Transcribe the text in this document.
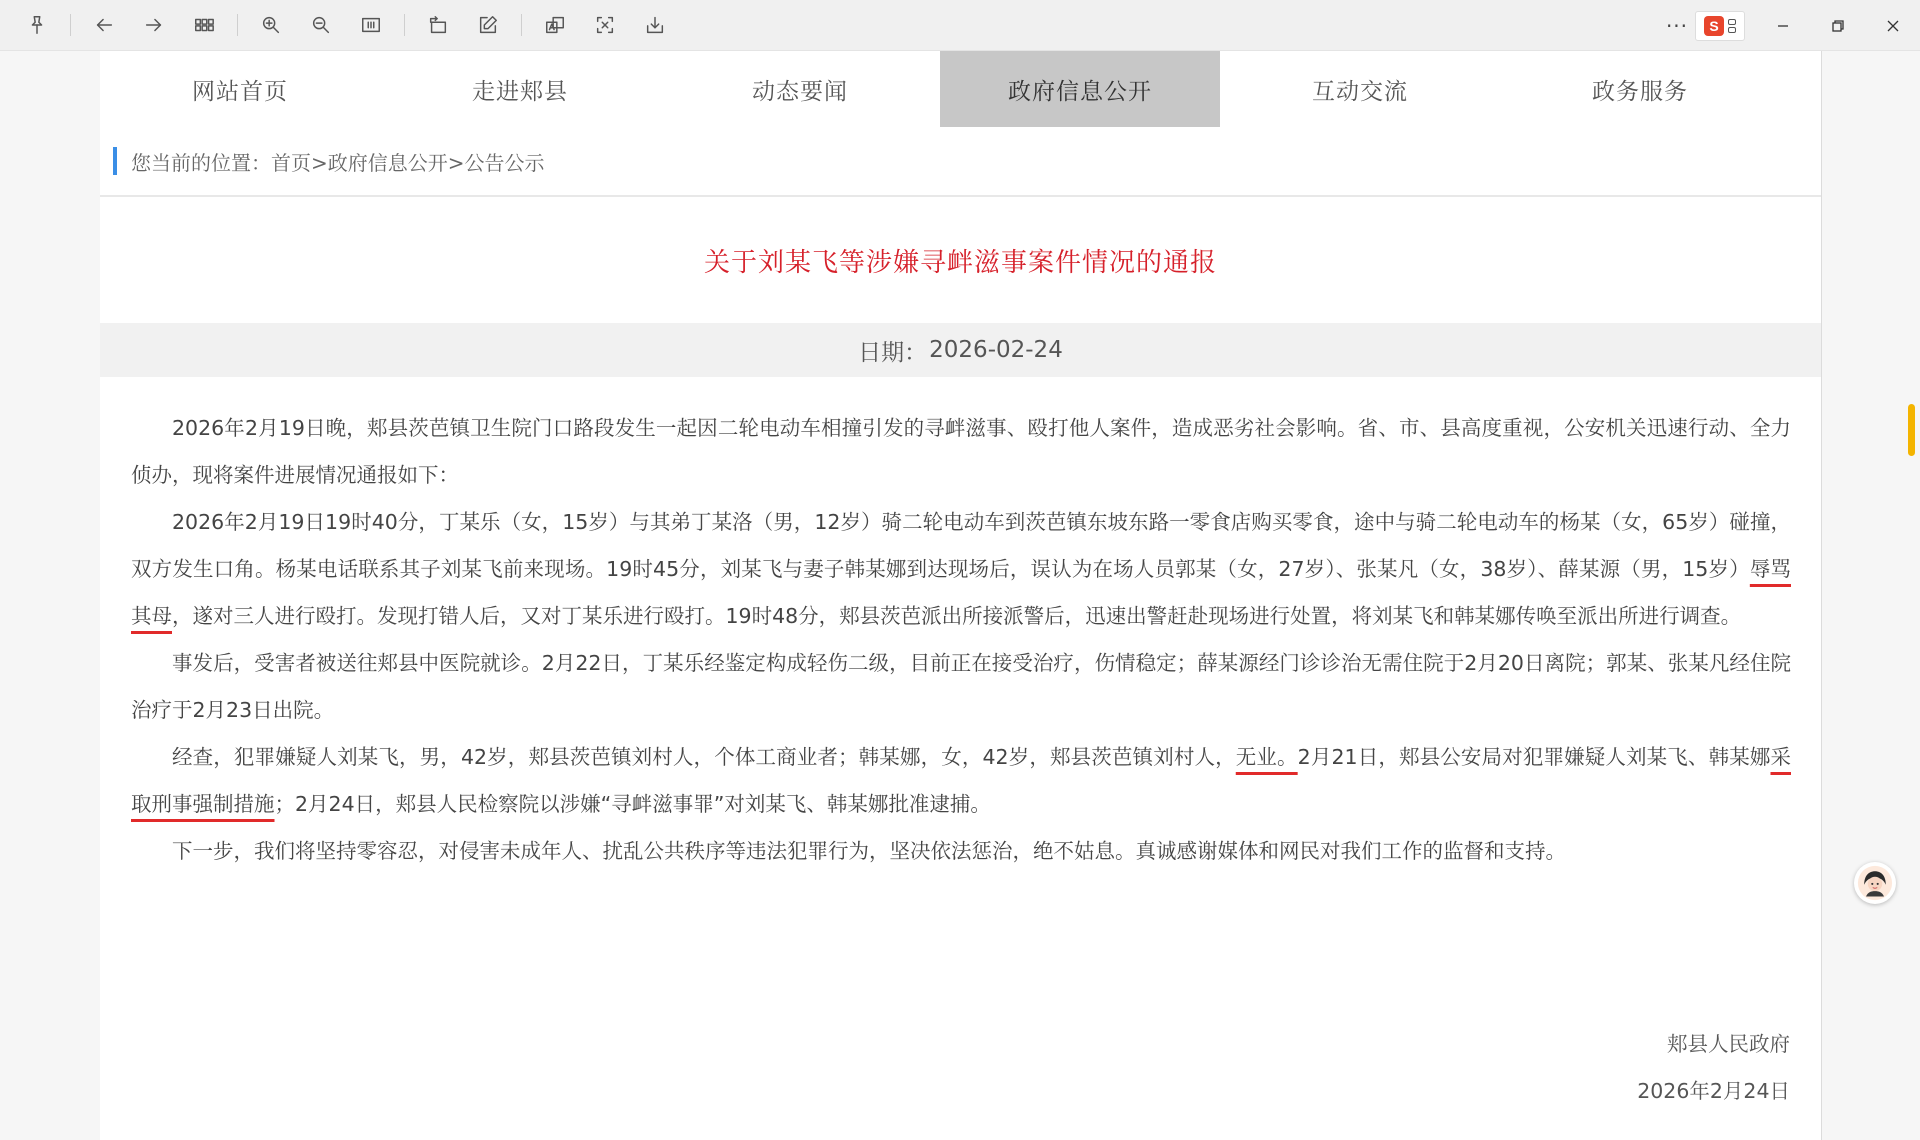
···	S
网站首页	走进郏县	动态要闻	政府信息公开	互动交流	政务服务
您当前的位置：首页>政府信息公开>公告公示
关于刘某飞等涉嫌寻衅滋事案件情况的通报
日期： 2026-02-24

2026年2月19日晚，郏县茨芭镇卫生院门口路段发生一起因二轮电动车相撞引发的寻衅滋事、殴打他人案件，造成恶劣社会影响。省、市、县高度重视，公安机关迅速行动、全力侦办，现将案件进展情况通报如下：

2026年2月19日19时40分，丁某乐（女，15岁）与其弟丁某洛（男，12岁）骑二轮电动车到茨芭镇东坡东路一零食店购买零食，途中与骑二轮电动车的杨某（女，65岁）碰撞，双方发生口角。杨某电话联系其子刘某飞前来现场。19时45分，刘某飞与妻子韩某娜到达现场后，误认为在场人员郭某（女，27岁）、张某凡（女，38岁）、薛某源（男，15岁）辱骂其母，遂对三人进行殴打。发现打错人后，又对丁某乐进行殴打。19时48分，郏县茨芭派出所接派警后，迅速出警赶赴现场进行处置，将刘某飞和韩某娜传唤至派出所进行调查。

事发后，受害者被送往郏县中医院就诊。2月22日，丁某乐经鉴定构成轻伤二级，目前正在接受治疗，伤情稳定；薛某源经门诊诊治无需住院于2月20日离院；郭某、张某凡经住院治疗于2月23日出院。

经查，犯罪嫌疑人刘某飞，男，42岁，郏县茨芭镇刘村人，个体工商业者；韩某娜，女，42岁，郏县茨芭镇刘村人，无业。2月21日，郏县公安局对犯罪嫌疑人刘某飞、韩某娜采取刑事强制措施；2月24日，郏县人民检察院以涉嫌“寻衅滋事罪”对刘某飞、韩某娜批准逮捕。

下一步，我们将坚持零容忍，对侵害未成年人、扰乱公共秩序等违法犯罪行为，坚决依法惩治，绝不姑息。真诚感谢媒体和网民对我们工作的监督和支持。

郏县人民政府
2026年2月24日
